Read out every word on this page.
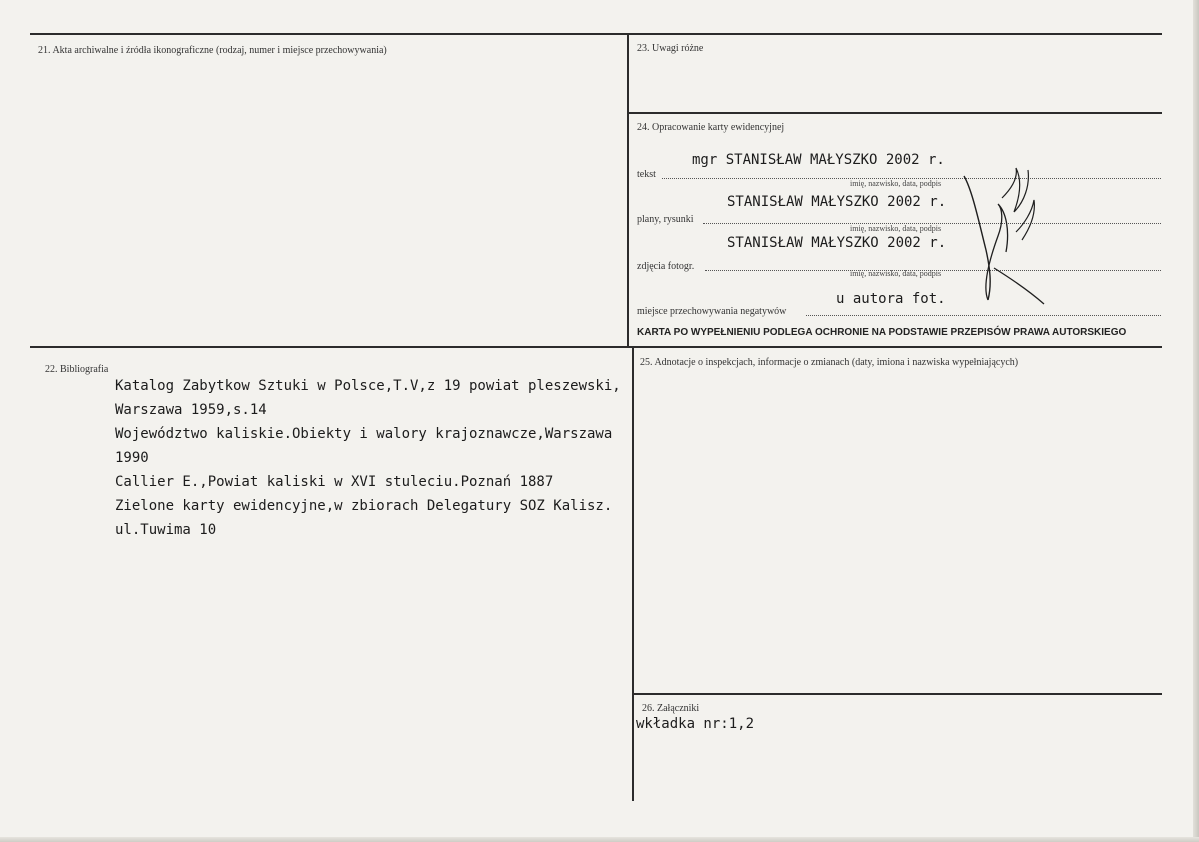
21. Akta archiwalne i źródła ikonograficzne (rodzaj, numer i miejsce przechowywania)	23. Uwagi różne
24. Opracowanie karty ewidencyjnej
mgr STANISŁAW MAŁYSZKO 2002 r.
tekst
imię, nazwisko, data, podpis
STANISŁAW MAŁYSZKO 2002 r.
plany, rysunki
imię, nazwisko, data, podpis
STANISŁAW MAŁYSZKO 2002 r.
zdjęcia fotogr.
imię, nazwisko, data, podpis
u autora fot.
miejsce przechowywania negatywów
KARTA PO WYPEŁNIENIU PODLEGA OCHRONIE NA PODSTAWIE PRZEPISÓW PRAWA AUTORSKIEGO
22. Bibliografia
Katalog Zabytkow Sztuki w Polsce,T.V,z 19 powiat pleszewski,
Warszawa 1959,s.14
Województwo kaliskie.Obiekty i walory krajoznawcze,Warszawa
1990
Callier E.,Powiat kaliski w XVI stuleciu.Poznań 1887
Zielone karty ewidencyjne,w zbiorach Delegatury SOZ Kalisz.
ul.Tuwima 10
25. Adnotacje o inspekcjach, informacje o zmianach (daty, imiona i nazwiska wypełniających)
26. Załączniki
wkładka nr:1,2
